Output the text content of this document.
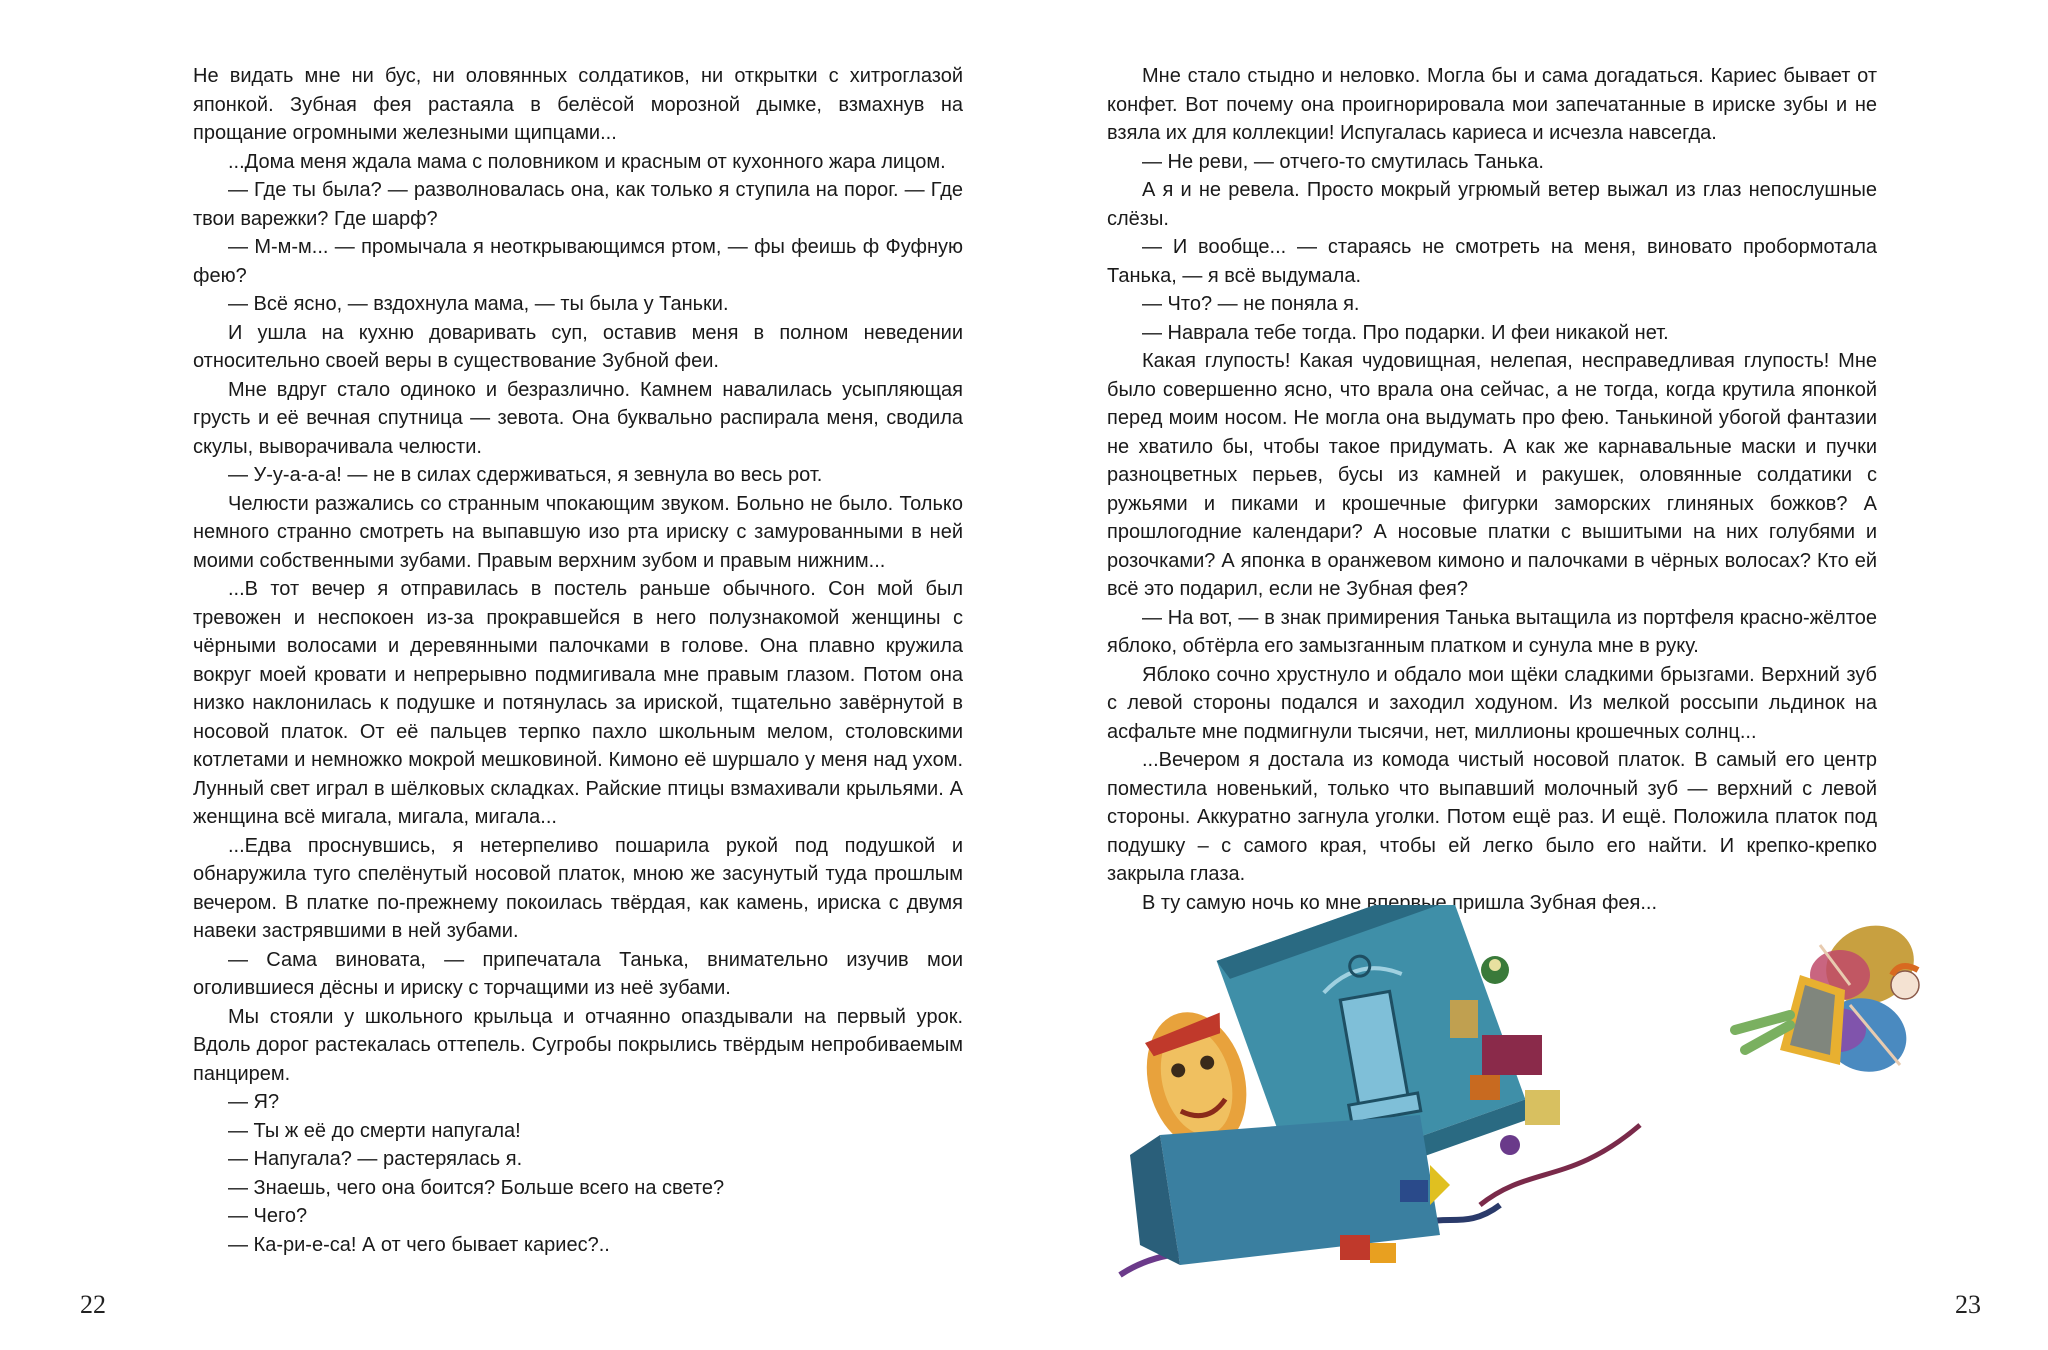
Не видать мне ни бус, ни оловянных солдатиков, ни открытки с хитроглазой японкой. Зубная фея растаяла в белёсой морозной дымке, взмахнув на прощание огромными железными щипцами...

...Дома меня ждала мама с половником и красным от кухонного жара лицом.

— Где ты была? — разволновалась она, как только я ступила на порог. — Где твои варежки? Где шарф?

— М-м-м... — промычала я неоткрывающимся ртом, — фы феишь ф Фуфную фею?

— Всё ясно, — вздохнула мама, — ты была у Таньки.

И ушла на кухню доваривать суп, оставив меня в полном неведении относительно своей веры в существование Зубной феи.

Мне вдруг стало одиноко и безразлично. Камнем навалилась усыпляющая грусть и её вечная спутница — зевота. Она буквально распирала меня, сводила скулы, выворачивала челюсти.

— У-у-а-а-а! — не в силах сдерживаться, я зевнула во весь рот.

Челюсти разжались со странным чпокающим звуком. Больно не было. Только немного странно смотреть на выпавшую изо рта ириску с замурованными в ней моими собственными зубами. Правым верхним зубом и правым нижним...

...В тот вечер я отправилась в постель раньше обычного. Сон мой был тревожен и неспокоен из-за прокравшейся в него полузнакомой женщины с чёрными волосами и деревянными палочками в голове. Она плавно кружила вокруг моей кровати и непрерывно подмигивала мне правым глазом. Потом она низко наклонилась к подушке и потянулась за ириской, тщательно завёрнутой в носовой платок. От её пальцев терпко пахло школьным мелом, столовскими котлетами и немножко мокрой мешковиной. Кимоно её шуршало у меня над ухом. Лунный свет играл в шёлковых складках. Райские птицы взмахивали крыльями. А женщина всё мигала, мигала, мигала...

...Едва проснувшись, я нетерпеливо пошарила рукой под подушкой и обнаружила туго спелёнутый носовой платок, мною же засунутый туда прошлым вечером. В платке по-прежнему покоилась твёрдая, как камень, ириска с двумя навеки застрявшими в ней зубами.

— Сама виновата, — припечатала Танька, внимательно изучив мои оголившиеся дёсны и ириску с торчащими из неё зубами.

Мы стояли у школьного крыльца и отчаянно опаздывали на первый урок. Вдоль дорог растекалась оттепель. Сугробы покрылись твёрдым непробиваемым панцирем.

— Я?

— Ты ж её до смерти напугала!

— Напугала? — растерялась я.

— Знаешь, чего она боится? Больше всего на свете?

— Чего?

— Ка-ри-е-са! А от чего бывает кариес?..

Мне стало стыдно и неловко. Могла бы и сама догадаться. Кариес бывает от конфет. Вот почему она проигнорировала мои запечатанные в ириске зубы и не взяла их для коллекции! Испугалась кариеса и исчезла навсегда.

— Не реви, — отчего-то смутилась Танька.

А я и не ревела. Просто мокрый угрюмый ветер выжал из глаз непослушные слёзы.

— И вообще... — стараясь не смотреть на меня, виновато пробормотала Танька, — я всё выдумала.

— Что? — не поняла я.

— Наврала тебе тогда. Про подарки. И феи никакой нет.

Какая глупость! Какая чудовищная, нелепая, несправедливая глупость! Мне было совершенно ясно, что врала она сейчас, а не тогда, когда крутила японкой перед моим носом. Не могла она выдумать про фею. Танькиной убогой фантазии не хватило бы, чтобы такое придумать. А как же карнавальные маски и пучки разноцветных перьев, бусы из камней и ракушек, оловянные солдатики с ружьями и пиками и крошечные фигурки заморских глиняных божков? А прошлогодние календари? А носовые платки с вышитыми на них голубями и розочками? А японка в оранжевом кимоно и палочками в чёрных волосах? Кто ей всё это подарил, если не Зубная фея?

— На вот, — в знак примирения Танька вытащила из портфеля красно-жёлтое яблоко, обтёрла его замызганным платком и сунула мне в руку.

Яблоко сочно хрустнуло и обдало мои щёки сладкими брызгами. Верхний зуб с левой стороны подался и заходил ходуном. Из мелкой россыпи льдинок на асфальте мне подмигнули тысячи, нет, миллионы крошечных солнц...

...Вечером я достала из комода чистый носовой платок. В самый его центр поместила новенький, только что выпавший молочный зуб — верхний с левой стороны. Аккуратно загнула уголки. Потом ещё раз. И ещё. Положила платок под подушку – с самого края, чтобы ей легко было его найти. И крепко-крепко закрыла глаза.

В ту самую ночь ко мне впервые пришла Зубная фея...

22	23
